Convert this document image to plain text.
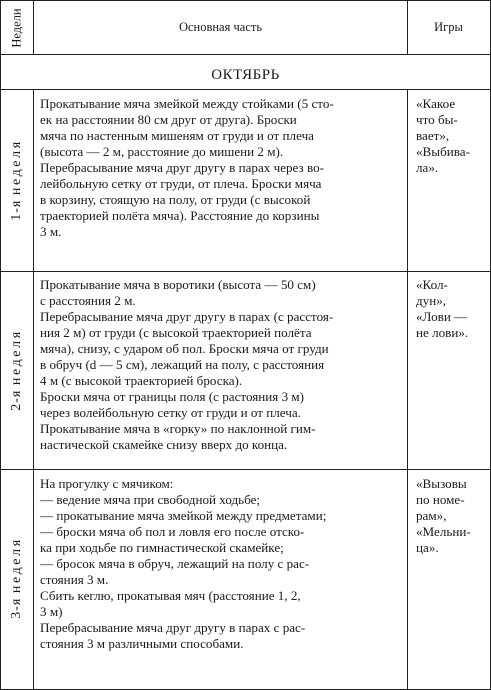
Недели	Основная часть	Игры
ОКТЯБРЬ
1-я неделя
Прокатывание мяча змейкой между стойками (5 сто-
ек на расстоянии 80 см друг от друга). Броски
мяча по настенным мишеням от груди и от плеча
(высота — 2 м, расстояние до мишени 2 м).
Перебрасывание мяча друг другу в парах через во-
лейбольную сетку от груди, от плеча. Броски мяча
в корзину, стоящую на полу, от груди (с высокой
траекторией полёта мяча). Расстояние до корзины
3 м.
«Какое
что бы-
вает»,
«Выбива-
ла».
2-я неделя
Прокатывание мяча в воротики (высота — 50 см)
с расстояния 2 м.
Перебрасывание мяча друг другу в парах (с расстоя-
ния 2 м) от груди (с высокой траекторией полёта
мяча), снизу, с ударом об пол. Броски мяча от груди
в обруч (d — 5 см), лежащий на полу, с расстояния
4 м (с высокой траекторией броска).
Броски мяча от границы поля (с растояния 3 м)
через волейбольную сетку от груди и от плеча.
Прокатывание мяча в «горку» по наклонной гим-
настической скамейке снизу вверх до конца.
«Кол-
дун»,
«Лови —
не лови».
3-я неделя
На прогулку с мячиком:
— ведение мяча при свободной ходьбе;
— прокатывание мяча змейкой между предметами;
— броски мяча об пол и ловля его после отско-
ка при ходьбе по гимнастической скамейке;
— бросок мяча в обруч, лежащий на полу с рас-
стояния 3 м.
Сбить кеглю, прокатывая мяч (расстояние 1, 2,
3 м)
Перебрасывание мяча друг другу в парах с рас-
стояния 3 м различными способами.
«Вызовы
по номе-
рам»,
«Мельни-
ца».
